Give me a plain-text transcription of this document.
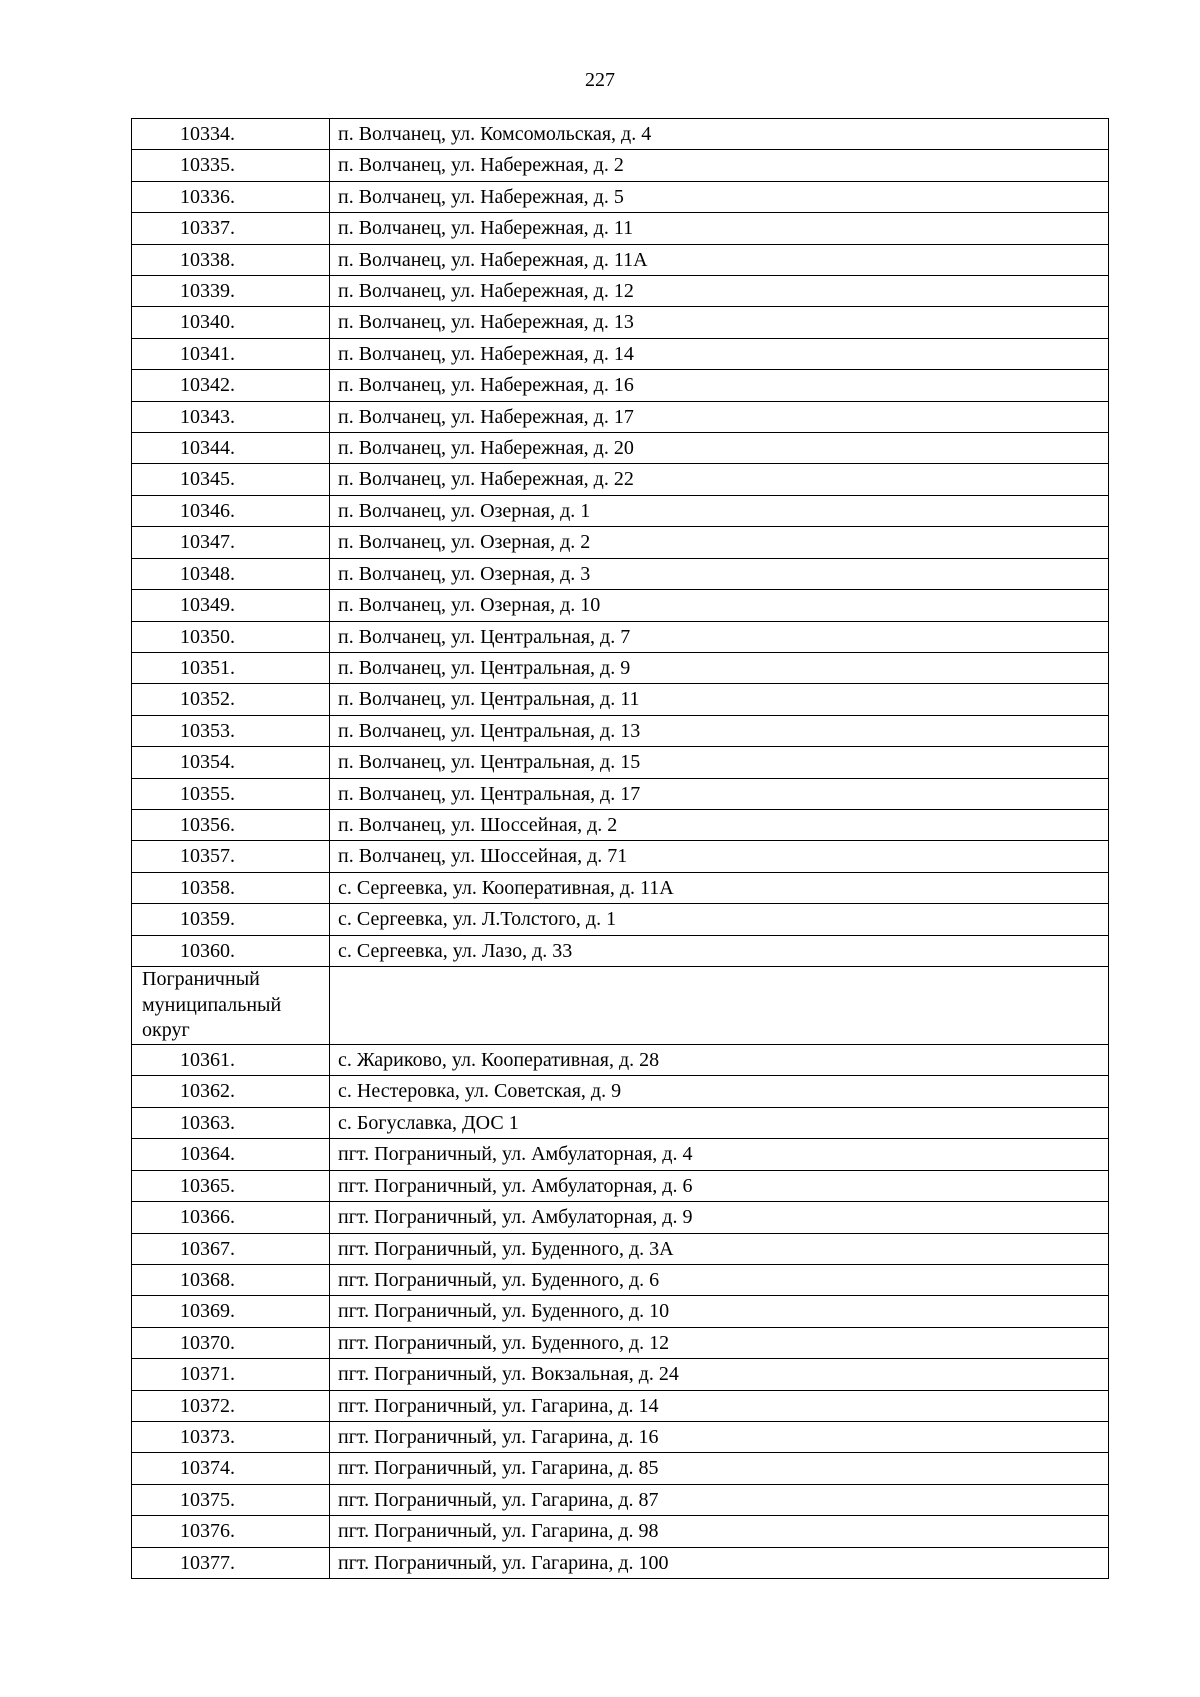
227
10334.	п. Волчанец, ул. Комсомольская, д. 4
10335.	п. Волчанец, ул. Набережная, д. 2
10336.	п. Волчанец, ул. Набережная, д. 5
10337.	п. Волчанец, ул. Набережная, д. 11
10338.	п. Волчанец, ул. Набережная, д. 11А
10339.	п. Волчанец, ул. Набережная, д. 12
10340.	п. Волчанец, ул. Набережная, д. 13
10341.	п. Волчанец, ул. Набережная, д. 14
10342.	п. Волчанец, ул. Набережная, д. 16
10343.	п. Волчанец, ул. Набережная, д. 17
10344.	п. Волчанец, ул. Набережная, д. 20
10345.	п. Волчанец, ул. Набережная, д. 22
10346.	п. Волчанец, ул. Озерная, д. 1
10347.	п. Волчанец, ул. Озерная, д. 2
10348.	п. Волчанец, ул. Озерная, д. 3
10349.	п. Волчанец, ул. Озерная, д. 10
10350.	п. Волчанец, ул. Центральная, д. 7
10351.	п. Волчанец, ул. Центральная, д. 9
10352.	п. Волчанец, ул. Центральная, д. 11
10353.	п. Волчанец, ул. Центральная, д. 13
10354.	п. Волчанец, ул. Центральная, д. 15
10355.	п. Волчанец, ул. Центральная, д. 17
10356.	п. Волчанец, ул. Шоссейная, д. 2
10357.	п. Волчанец, ул. Шоссейная, д. 71
10358.	с. Сергеевка, ул. Кооперативная, д. 11А
10359.	с. Сергеевка, ул. Л.Толстого, д. 1
10360.	с. Сергеевка, ул. Лазо, д. 33
Пограничный
муниципальный
округ	
10361.	с. Жариково, ул. Кооперативная, д. 28
10362.	с. Нестеровка, ул. Советская, д. 9
10363.	с. Богуславка, ДОС 1
10364.	пгт. Пограничный, ул. Амбулаторная, д. 4
10365.	пгт. Пограничный, ул. Амбулаторная, д. 6
10366.	пгт. Пограничный, ул. Амбулаторная, д. 9
10367.	пгт. Пограничный, ул. Буденного, д. 3А
10368.	пгт. Пограничный, ул. Буденного, д. 6
10369.	пгт. Пограничный, ул. Буденного, д. 10
10370.	пгт. Пограничный, ул. Буденного, д. 12
10371.	пгт. Пограничный, ул. Вокзальная, д. 24
10372.	пгт. Пограничный, ул. Гагарина, д. 14
10373.	пгт. Пограничный, ул. Гагарина, д. 16
10374.	пгт. Пограничный, ул. Гагарина, д. 85
10375.	пгт. Пограничный, ул. Гагарина, д. 87
10376.	пгт. Пограничный, ул. Гагарина, д. 98
10377.	пгт. Пограничный, ул. Гагарина, д. 100
